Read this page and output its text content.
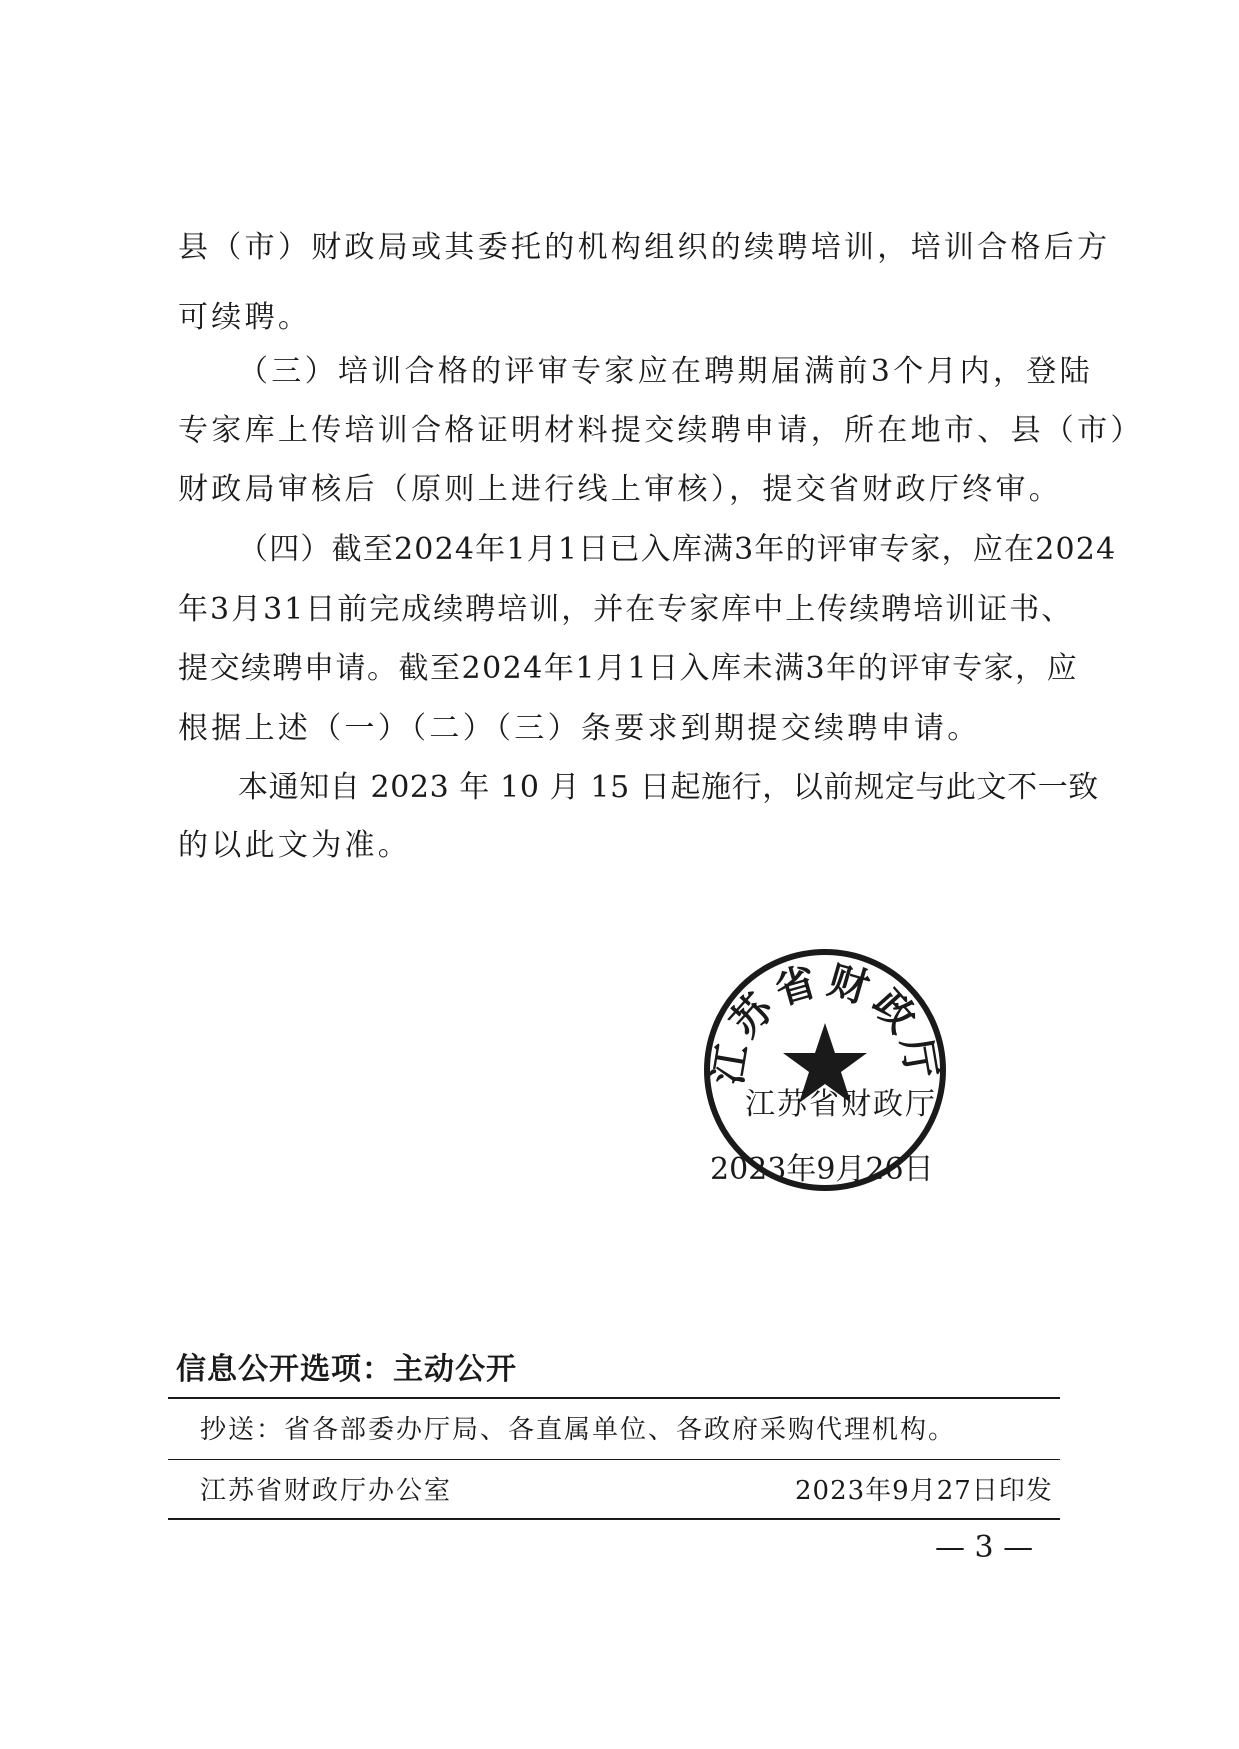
县（市）财政局或其委托的机构组织的续聘培训，培训合格后方
可续聘。
（三）培训合格的评审专家应在聘期届满前3个月内，登陆
专家库上传培训合格证明材料提交续聘申请，所在地市、县（市）
财政局审核后（原则上进行线上审核），提交省财政厅终审。
（四）截至2024年1月1日已入库满3年的评审专家，应在2024
年3月31日前完成续聘培训，并在专家库中上传续聘培训证书、
提交续聘申请。截至2024年1月1日入库未满3年的评审专家，应
根据上述（一）（二）（三）条要求到期提交续聘申请。
本通知自 2023 年 10 月 15 日起施行，以前规定与此文不一致
的以此文为准。
江苏省财政厅
江苏省财政厅
2023年9月26日
信息公开选项：主动公开
抄送：省各部委办厅局、各直属单位、各政府采购代理机构。
江苏省财政厅办公室	2023年9月27日印发
— 3 —
